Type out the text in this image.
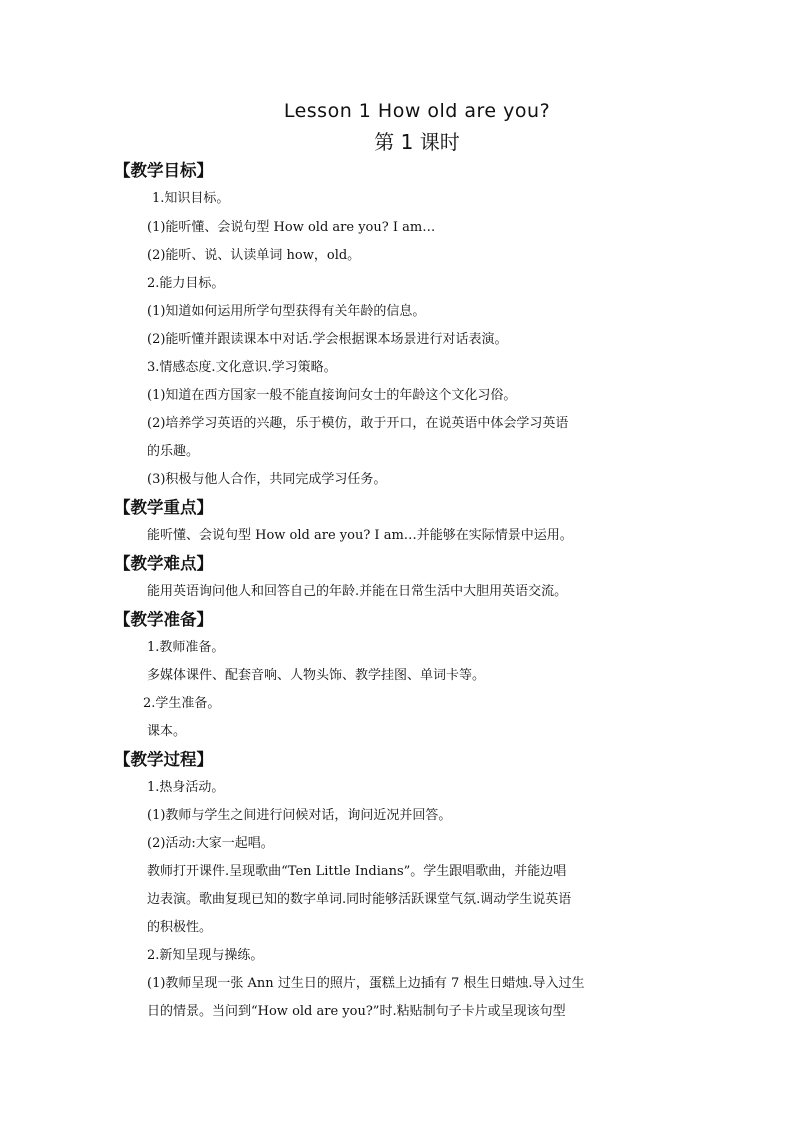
Lesson 1 How old are you?
第 1 课时
【教学目标】
1.知识目标。
(1)能听懂、会说句型 How old are you? I am…
(2)能听、说、认读单词 how，old。
2.能力目标。
(1)知道如何运用所学句型获得有关年龄的信息。
(2)能听懂并跟读课本中对话.学会根据课本场景进行对话表演。
3.情感态度.文化意识.学习策略。
(1)知道在西方国家一般不能直接询问女士的年龄这个文化习俗。
(2)培养学习英语的兴趣，乐于模仿，敢于开口，在说英语中体会学习英语
的乐趣。
(3)积极与他人合作，共同完成学习任务。
【教学重点】
能听懂、会说句型 How old are you? I am…并能够在实际情景中运用。
【教学难点】
能用英语询问他人和回答自己的年龄.并能在日常生活中大胆用英语交流。
【教学准备】
1.教师准备。
多媒体课件、配套音响、人物头饰、教学挂图、单词卡等。
2.学生准备。
课本。
【教学过程】
1.热身活动。
(1)教师与学生之间进行问候对话，询问近况并回答。
(2)活动:大家一起唱。
教师打开课件.呈现歌曲“Ten Little Indians”。学生跟唱歌曲，并能边唱
边表演。歌曲复现已知的数字单词.同时能够活跃课堂气氛.调动学生说英语
的积极性。
2.新知呈现与操练。
(1)教师呈现一张 Ann 过生日的照片，蛋糕上边插有 7 根生日蜡烛.导入过生
日的情景。当问到“How old are you?”时.粘贴制句子卡片或呈现该句型
